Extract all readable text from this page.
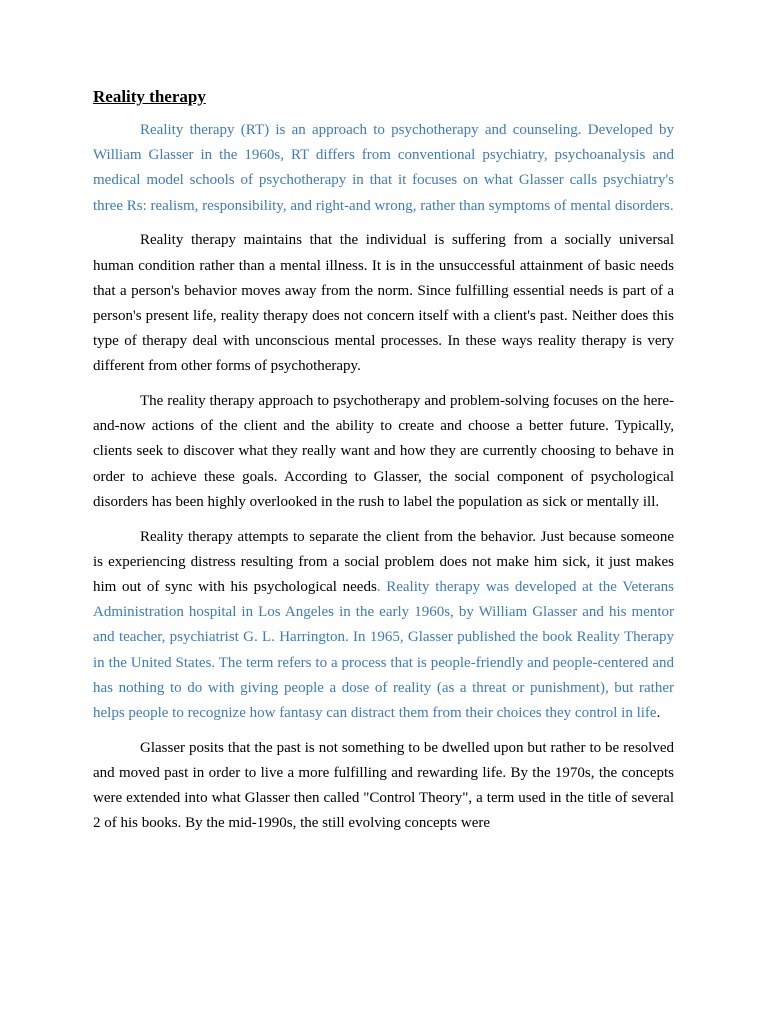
Reality therapy

Reality therapy (RT) is an approach to psychotherapy and counseling. Developed by William Glasser in the 1960s, RT differs from conventional psychiatry, psychoanalysis and medical model schools of psychotherapy in that it focuses on what Glasser calls psychiatry's three Rs: realism, responsibility, and right-and wrong, rather than symptoms of mental disorders.

Reality therapy maintains that the individual is suffering from a socially universal human condition rather than a mental illness. It is in the unsuccessful attainment of basic needs that a person's behavior moves away from the norm. Since fulfilling essential needs is part of a person's present life, reality therapy does not concern itself with a client's past. Neither does this type of therapy deal with unconscious mental processes. In these ways reality therapy is very different from other forms of psychotherapy.

The reality therapy approach to psychotherapy and problem-solving focuses on the here-and-now actions of the client and the ability to create and choose a better future. Typically, clients seek to discover what they really want and how they are currently choosing to behave in order to achieve these goals. According to Glasser, the social component of psychological disorders has been highly overlooked in the rush to label the population as sick or mentally ill.

Reality therapy attempts to separate the client from the behavior. Just because someone is experiencing distress resulting from a social problem does not make him sick, it just makes him out of sync with his psychological needs. Reality therapy was developed at the Veterans Administration hospital in Los Angeles in the early 1960s, by William Glasser and his mentor and teacher, psychiatrist G. L. Harrington. In 1965, Glasser published the book Reality Therapy in the United States. The term refers to a process that is people-friendly and people-centered and has nothing to do with giving people a dose of reality (as a threat or punishment), but rather helps people to recognize how fantasy can distract them from their choices they control in life.

Glasser posits that the past is not something to be dwelled upon but rather to be resolved and moved past in order to live a more fulfilling and rewarding life. By the 1970s, the concepts were extended into what Glasser then called "Control Theory", a term used in the title of several 2 of his books. By the mid-1990s, the still evolving concepts were
